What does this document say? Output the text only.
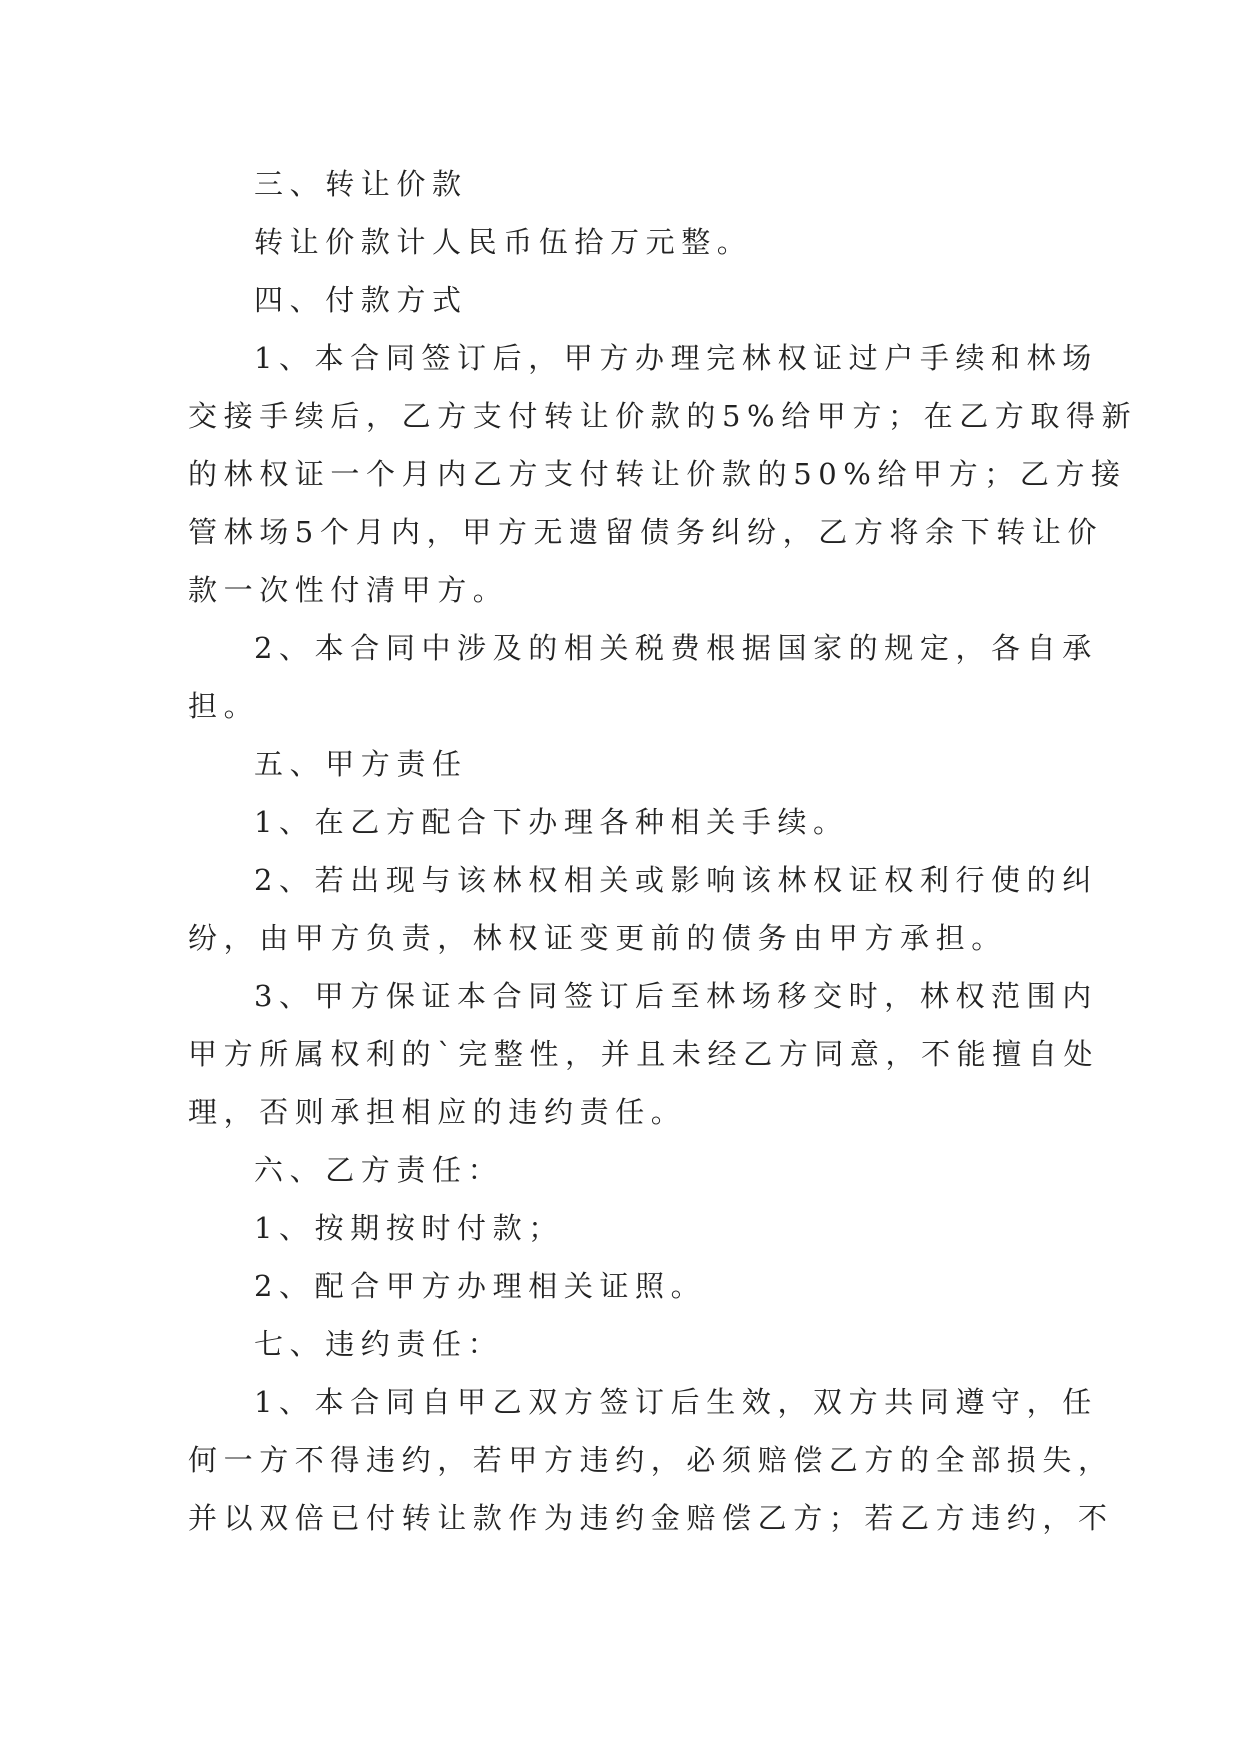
三、转让价款
转让价款计人民币伍拾万元整。
四、付款方式
1、本合同签订后，甲方办理完林权证过户手续和林场
交接手续后，乙方支付转让价款的5%给甲方；在乙方取得新
的林权证一个月内乙方支付转让价款的50%给甲方；乙方接
管林场5个月内，甲方无遗留债务纠纷，乙方将余下转让价
款一次性付清甲方。
2、本合同中涉及的相关税费根据国家的规定，各自承
担。
五、甲方责任
1、在乙方配合下办理各种相关手续。
2、若出现与该林权相关或影响该林权证权利行使的纠
纷，由甲方负责，林权证变更前的债务由甲方承担。
3、甲方保证本合同签订后至林场移交时，林权范围内
甲方所属权利的`完整性，并且未经乙方同意，不能擅自处
理，否则承担相应的违约责任。
六、乙方责任：
1、按期按时付款；
2、配合甲方办理相关证照。
七、违约责任：
1、本合同自甲乙双方签订后生效，双方共同遵守，任
何一方不得违约，若甲方违约，必须赔偿乙方的全部损失，
并以双倍已付转让款作为违约金赔偿乙方；若乙方违约，不
